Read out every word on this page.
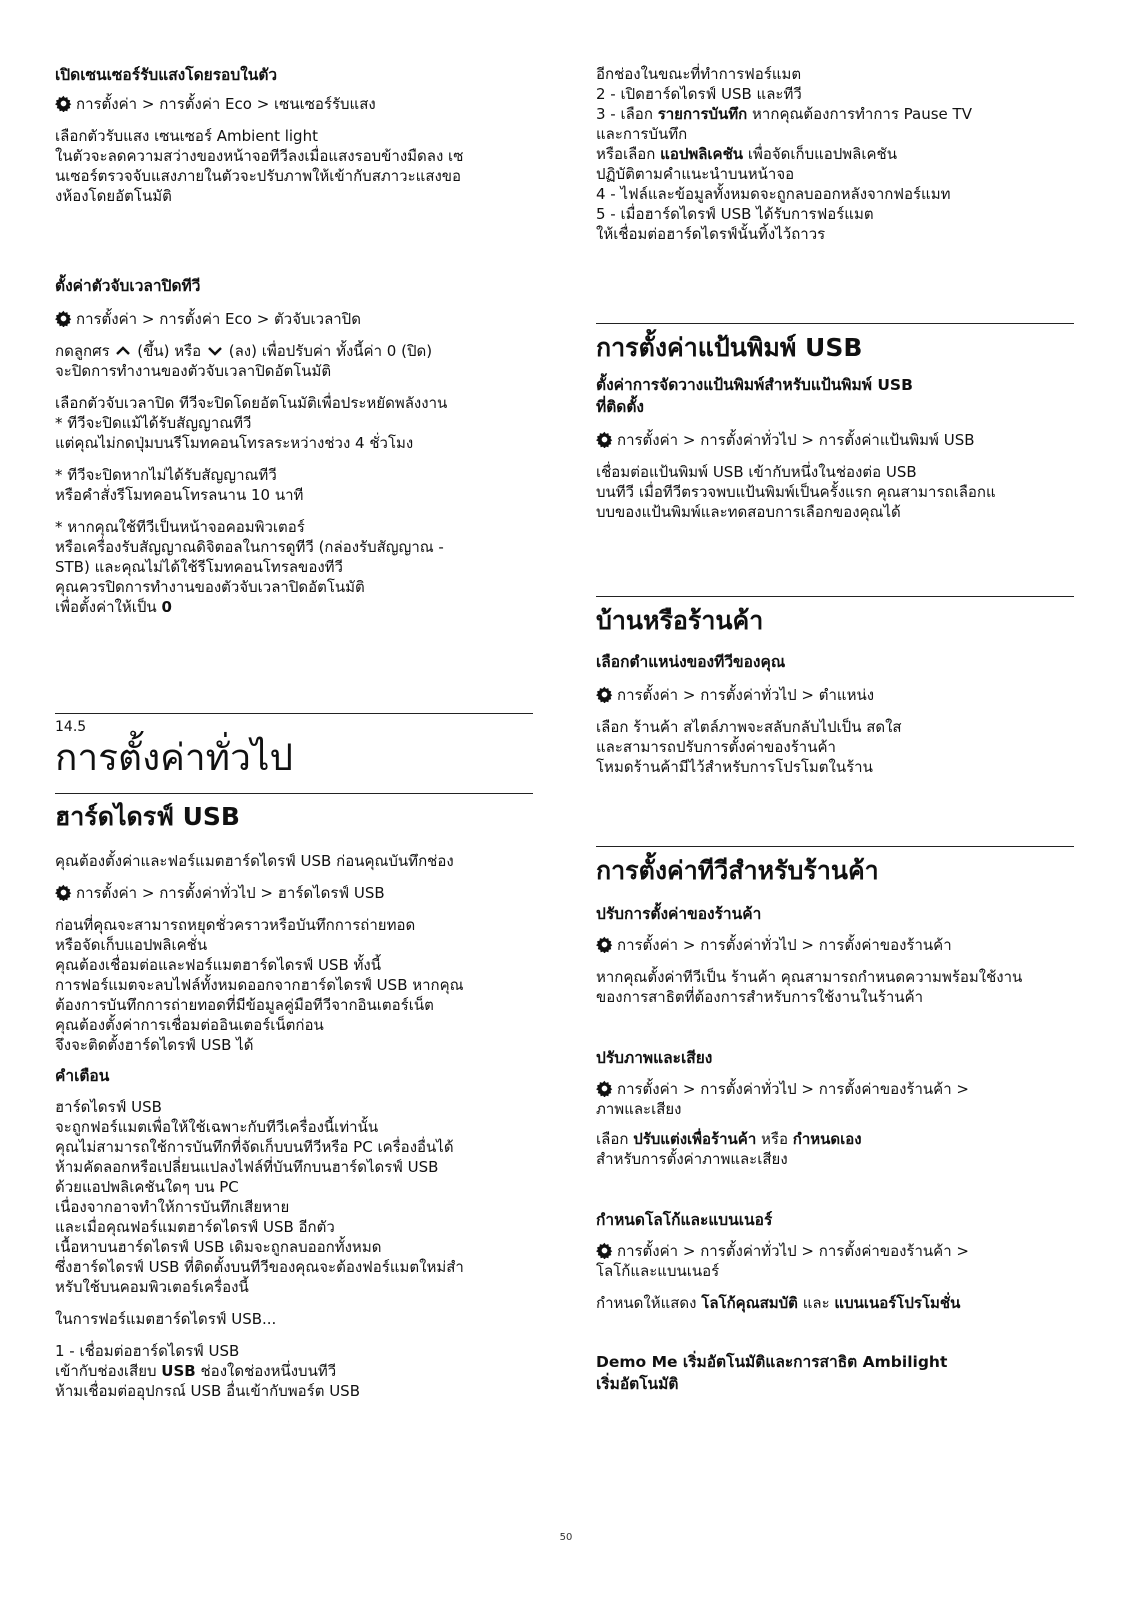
เปิดเซนเซอร์รับแสงโดยรอบในตัว

การตั้งค่า > การตั้งค่า Eco > เซนเซอร์รับแสง

เลือกตัวรับแสง เซนเซอร์ Ambient light

ในตัวจะลดความสว่างของหน้าจอทีวีลงเมื่อแสงรอบข้างมืดลง เซ

นเซอร์ตรวจจับแสงภายในตัวจะปรับภาพให้เข้ากับสภาวะแสงขอ

งห้องโดยอัตโนมัติ

ตั้งค่าตัวจับเวลาปิดทีวี

การตั้งค่า > การตั้งค่า Eco > ตัวจับเวลาปิด

กดลูกศร (ขึ้น) หรือ (ลง) เพื่อปรับค่า ทั้งนี้ค่า 0 (ปิด)

จะปิดการทำงานของตัวจับเวลาปิดอัตโนมัติ

เลือกตัวจับเวลาปิด ทีวีจะปิดโดยอัตโนมัติเพื่อประหยัดพลังงาน

* ทีวีจะปิดแม้ได้รับสัญญาณทีวี

แต่คุณไม่กดปุ่มบนรีโมทคอนโทรลระหว่างช่วง 4 ชั่วโมง

* ทีวีจะปิดหากไม่ได้รับสัญญาณทีวี

หรือคำสั่งรีโมทคอนโทรลนาน 10 นาที

* หากคุณใช้ทีวีเป็นหน้าจอคอมพิวเตอร์

หรือเครื่องรับสัญญาณดิจิตอลในการดูทีวี (กล่องรับสัญญาณ -

STB) และคุณไม่ได้ใช้รีโมทคอนโทรลของทีวี

คุณควรปิดการทำงานของตัวจับเวลาปิดอัตโนมัติ

เพื่อตั้งค่าให้เป็น 0

14.5

การตั้งค่าทั่วไป

ฮาร์ดไดรฟ์ USB

คุณต้องตั้งค่าและฟอร์แมตฮาร์ดไดรฟ์ USB ก่อนคุณบันทึกช่อง

การตั้งค่า > การตั้งค่าทั่วไป > ฮาร์ดไดรฟ์ USB

ก่อนที่คุณจะสามารถหยุดชั่วคราวหรือบันทึกการถ่ายทอด

หรือจัดเก็บแอปพลิเคชั่น

คุณต้องเชื่อมต่อและฟอร์แมตฮาร์ดไดรฟ์ USB ทั้งนี้

การฟอร์แมตจะลบไฟล์ทั้งหมดออกจากฮาร์ดไดรฟ์ USB หากคุณ

ต้องการบันทึกการถ่ายทอดที่มีข้อมูลคู่มือทีวีจากอินเตอร์เน็ต

คุณต้องตั้งค่าการเชื่อมต่ออินเตอร์เน็ตก่อน

จึงจะติดตั้งฮาร์ดไดรฟ์ USB ได้

คำเตือน

ฮาร์ดไดรฟ์ USB

จะถูกฟอร์แมตเพื่อให้ใช้เฉพาะกับทีวีเครื่องนี้เท่านั้น

คุณไม่สามารถใช้การบันทึกที่จัดเก็บบนทีวีหรือ PC เครื่องอื่นได้

ห้ามคัดลอกหรือเปลี่ยนแปลงไฟล์ที่บันทึกบนฮาร์ดไดรฟ์ USB

ด้วยแอปพลิเคชันใดๆ บน PC

เนื่องจากอาจทำให้การบันทึกเสียหาย

และเมื่อคุณฟอร์แมตฮาร์ดไดรฟ์ USB อีกตัว

เนื้อหาบนฮาร์ดไดรฟ์ USB เดิมจะถูกลบออกทั้งหมด

ซึ่งฮาร์ดไดรฟ์ USB ที่ติดตั้งบนทีวีของคุณจะต้องฟอร์แมตใหม่สำ

หรับใช้บนคอมพิวเตอร์เครื่องนี้

ในการฟอร์แมตฮาร์ดไดรฟ์ USB...

1 - เชื่อมต่อฮาร์ดไดรฟ์ USB

เข้ากับช่องเสียบ USB ช่องใดช่องหนึ่งบนทีวี

ห้ามเชื่อมต่ออุปกรณ์ USB อื่นเข้ากับพอร์ต USB

อีกช่องในขณะที่ทำการฟอร์แมต

2 - เปิดฮาร์ดไดรฟ์ USB และทีวี

3 - เลือก รายการบันทึก หากคุณต้องการทำการ Pause TV

และการบันทึก

หรือเลือก แอปพลิเคชัน เพื่อจัดเก็บแอปพลิเคชัน

ปฏิบัติตามคำแนะนำบนหน้าจอ

4 - ไฟล์และข้อมูลทั้งหมดจะถูกลบออกหลังจากฟอร์แมท

5 - เมื่อฮาร์ดไดรฟ์ USB ได้รับการฟอร์แมต

ให้เชื่อมต่อฮาร์ดไดรฟ์นั้นทิ้งไว้ถาวร

การตั้งค่าแป้นพิมพ์ USB

ตั้งค่าการจัดวางแป้นพิมพ์สำหรับแป้นพิมพ์ USB

ที่ติดตั้ง

การตั้งค่า > การตั้งค่าทั่วไป > การตั้งค่าแป้นพิมพ์ USB

เชื่อมต่อแป้นพิมพ์ USB เข้ากับหนึ่งในช่องต่อ USB

บนทีวี เมื่อทีวีตรวจพบแป้นพิมพ์เป็นครั้งแรก คุณสามารถเลือกแ

บบของแป้นพิมพ์และทดสอบการเลือกของคุณได้

บ้านหรือร้านค้า

เลือกตำแหน่งของทีวีของคุณ

การตั้งค่า > การตั้งค่าทั่วไป > ตำแหน่ง

เลือก ร้านค้า สไตล์ภาพจะสลับกลับไปเป็น สดใส

และสามารถปรับการตั้งค่าของร้านค้า

โหมดร้านค้ามีไว้สำหรับการโปรโมตในร้าน

การตั้งค่าทีวีสำหรับร้านค้า

ปรับการตั้งค่าของร้านค้า

การตั้งค่า > การตั้งค่าทั่วไป > การตั้งค่าของร้านค้า

หากคุณตั้งค่าทีวีเป็น ร้านค้า คุณสามารถกำหนดความพร้อมใช้งาน

ของการสาธิตที่ต้องการสำหรับการใช้งานในร้านค้า

ปรับภาพและเสียง

การตั้งค่า > การตั้งค่าทั่วไป > การตั้งค่าของร้านค้า >

ภาพและเสียง

เลือก ปรับแต่งเพื่อร้านค้า หรือ กำหนดเอง

สำหรับการตั้งค่าภาพและเสียง

กำหนดโลโก้และแบนเนอร์

การตั้งค่า > การตั้งค่าทั่วไป > การตั้งค่าของร้านค้า >

โลโก้และแบนเนอร์

กำหนดให้แสดง โลโก้คุณสมบัติ และ แบนเนอร์โปรโมชั่น

Demo Me เริ่มอัตโนมัติและการสาธิต Ambilight

เริ่มอัตโนมัติ

50
